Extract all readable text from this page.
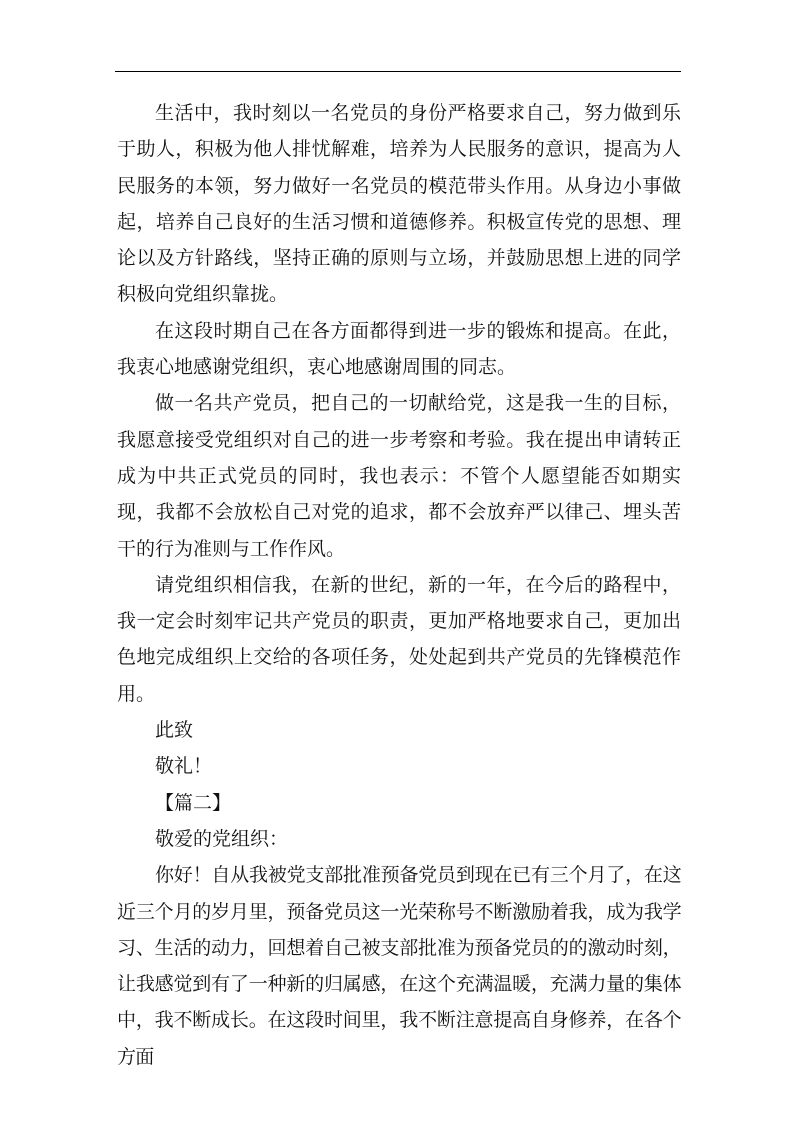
生活中，我时刻以一名党员的身份严格要求自己，努力做到乐于助人，积极为他人排忧解难，培养为人民服务的意识，提高为人民服务的本领，努力做好一名党员的模范带头作用。从身边小事做起，培养自己良好的生活习惯和道德修养。积极宣传党的思想、理论以及方针路线，坚持正确的原则与立场，并鼓励思想上进的同学积极向党组织靠拢。

在这段时期自己在各方面都得到进一步的锻炼和提高。在此，我衷心地感谢党组织，衷心地感谢周围的同志。

做一名共产党员，把自己的一切献给党，这是我一生的目标，我愿意接受党组织对自己的进一步考察和考验。我在提出申请转正成为中共正式党员的同时，我也表示：不管个人愿望能否如期实现，我都不会放松自己对党的追求，都不会放弃严以律己、埋头苦干的行为准则与工作作风。

请党组织相信我，在新的世纪，新的一年，在今后的路程中，我一定会时刻牢记共产党员的职责，更加严格地要求自己，更加出色地完成组织上交给的各项任务，处处起到共产党员的先锋模范作用。

此致

敬礼！

【篇二】

敬爱的党组织：

你好！自从我被党支部批准预备党员到现在已有三个月了，在这近三个月的岁月里，预备党员这一光荣称号不断激励着我，成为我学习、生活的动力，回想着自己被支部批准为预备党员的的激动时刻，让我感觉到有了一种新的归属感，在这个充满温暖，充满力量的集体中，我不断成长。在这段时间里，我不断注意提高自身修养，在各个方面
